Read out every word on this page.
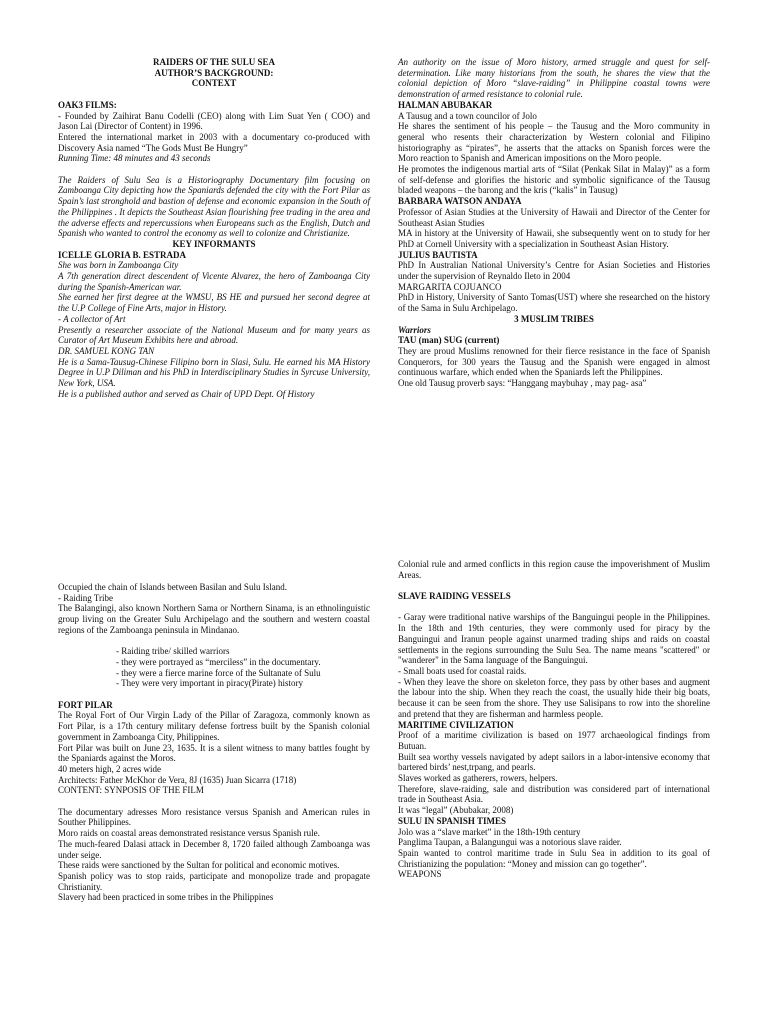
RAIDERS OF THE SULU SEA
AUTHOR’S BACKGROUND:
CONTEXT
OAK3 FILMS:
- Founded by Zaihirat Banu Codelli (CEO) along with Lim Suat Yen ( COO) and Jason Lai (Director of Content) in 1996.
Entered the international market in 2003 with a documentary co-produced with Discovery Asia named “The Gods Must Be Hungry”
Running Time: 48 minutes and 43 seconds
The Raiders of Sulu Sea is a Historiography Documentary film focusing on Zamboanga City depicting how the Spaniards defended the city with the Fort Pilar as Spain’s last stronghold and bastion of defense and economic expansion in the South of the Philippines . It depicts the Southeast Asian flourishing free trading in the area and the adverse effects and repercussions when Europeans such as the English, Dutch and Spanish who wanted to control the economy as well to colonize and Christianize.
KEY INFORMANTS
ICELLE GLORIA B. ESTRADA
She was born in Zamboanga City
A 7th generation direct descendent of Vicente Alvarez, the hero of Zamboanga City during the Spanish-American war.
She earned her first degree at the WMSU, BS HE and pursued her second degree at the U.P College of Fine Arts, major in History.
- A collector of Art
Presently a researcher associate of the National Museum and for many years as Curator of Art Museum Exhibits here and abroad.
DR. SAMUEL KONG TAN
He is a Sama-Tausug-Chinese Filipino born in Slasi, Sulu. He earned his MA History Degree in U.P Diliman and his PhD in Interdisciplinary Studies in Syrcuse University, New York, USA.
He is a published author and served as Chair of UPD Dept. Of History
An authority on the issue of Moro history, armed struggle and quest for self-determination. Like many historians from the south, he shares the view that the colonial depiction of Moro “slave-raiding” in Philippine coastal towns were demonstration of armed resistance to colonial rule.
HALMAN ABUBAKAR
A Tausug and a town councilor of Jolo
He shares the sentiment of his people – the Tausug and the Moro community in general who resents their characterization by Western colonial and Filipino historiography as “pirates”, he asserts that the attacks on Spanish forces were the Moro reaction to Spanish and American impositions on the Moro people.
He promotes the indigenous martial arts of “Silat (Penkak Silat in Malay)” as a form of self-defense and glorifies the historic and symbolic significance of the Tausug bladed weapons – the barong and the kris (“kalis” in Tausug)
BARBARA WATSON ANDAYA
Professor of Asian Studies at the University of Hawaii and Director of the Center for Southeast Asian Studies
MA in history at the University of Hawaii, she subsequently went on to study for her PhD at Cornell University with a specialization in Southeast Asian History.
JULIUS BAUTISTA
PhD In Australian National University’s Centre for Asian Societies and Histories under the supervision of Reynaldo Ileto in 2004
MARGARITA COJUANCO
PhD in History, University of Santo Tomas(UST) where she researched on the history of the Sama in Sulu Archipelago.
3 MUSLIM TRIBES
Warriors
TAU (man) SUG (current)
They are proud Muslims renowned for their fierce resistance in the face of Spanish Conquerors, for 300 years the Tausug and the Spanish were engaged in almost continuous warfare, which ended when the Spaniards left the Philippines.
One old Tausug proverb says: “Hanggang maybuhay , may pag- asa”
Occupied the chain of Islands between Basilan and Sulu Island.
- Raiding Tribe
The Balangingi, also known Northern Sama or Northern Sinama, is an ethnolinguistic group living on the Greater Sulu Archipelago and the southern and western coastal regions of the Zamboanga peninsula in Mindanao.
- Raiding tribe/ skilled warriors
- they were portrayed as “merciless” in the documentary.
- they were a fierce marine force of the Sultanate of Sulu
- They were very important in piracy(Pirate) history
FORT PILAR
The Royal Fort of Our Virgin Lady of the Pillar of Zaragoza, commonly known as Fort Pilar, is a 17th century military defense fortress built by the Spanish colonial government in Zamboanga City, Philippines.
Fort Pilar was built on June 23, 1635. It is a silent witness to many battles fought by the Spaniards against the Moros.
40 meters high, 2 acres wide
Architects: Father McKhor de Vera, 8J (1635) Juan Sicarra (1718)
CONTENT: SYNPOSIS OF THE FILM
The documentary adresses Moro resistance versus Spanish and American rules in Souther Philippines.
Moro raids on coastal areas demonstrated resistance versus Spanish rule.
The much-feared Dalasi attack in December 8, 1720 failed although Zamboanga was under seige.
These raids were sanctioned by the Sultan for political and economic motives.
Spanish policy was to stop raids, participate and monopolize trade and propagate Christianity.
Slavery had been practiced in some tribes in the Philippines
Colonial rule and armed conflicts in this region cause the impoverishment of Muslim Areas.
SLAVE RAIDING VESSELS
- Garay were traditional native warships of the Banguingui people in the Philippines. In the 18th and 19th centuries, they were commonly used for piracy by the Banguingui and Iranun people against unarmed trading ships and raids on coastal settlements in the regions surrounding the Sulu Sea. The name means "scattered" or "wanderer" in the Sama language of the Banguingui.
- Small boats used for coastal raids.
- When they leave the shore on skeleton force, they pass by other bases and augment the labour into the ship. When they reach the coast, the usually hide their big boats, because it can be seen from the shore. They use Salisipans to row into the shoreline and pretend that they are fisherman and harmless people.
MARITIME CIVILIZATION
Proof of a maritime civilization is based on 1977 archaeological findings from Butuan.
Built sea worthy vessels navigated by adept sailors in a labor-intensive economy that bartered birds’ nest,trpang, and pearls.
Slaves worked as gatherers, rowers, helpers.
Therefore, slave-raiding, sale and distribution was considered part of international trade in Southeast Asia.
It was “legal” (Abubakar, 2008)
SULU IN SPANISH TIMES
Jolo was a “slave market” in the 18th-19th century
Panglima Taupan, a Balangungui was a notorious slave raider.
Spain wanted to control maritime trade in Sulu Sea in addition to its goal of Christianizing the population: “Money and mission can go together”.
WEAPONS
